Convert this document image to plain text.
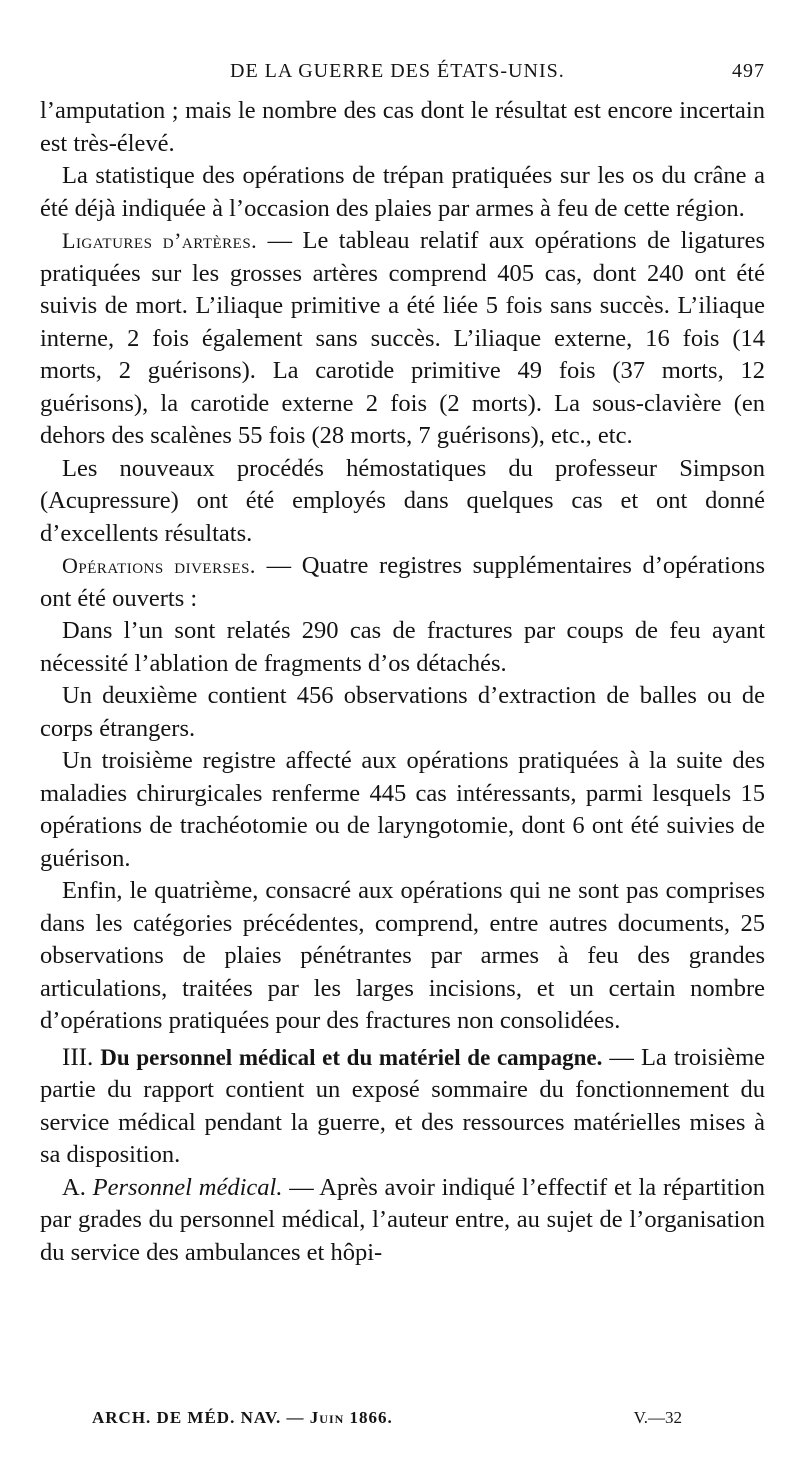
DE LA GUERRE DES ÉTATS-UNIS.	497

l’amputation ; mais le nombre des cas dont le résultat est encore incertain est très-élevé.

La statistique des opérations de trépan pratiquées sur les os du crâne a été déjà indiquée à l’occasion des plaies par armes à feu de cette région.

Ligatures d’artères. — Le tableau relatif aux opérations de ligatures pratiquées sur les grosses artères comprend 405 cas, dont 240 ont été suivis de mort. L’iliaque primitive a été liée 5 fois sans succès. L’iliaque interne, 2 fois également sans succès. L’iliaque externe, 16 fois (14 morts, 2 guérisons). La carotide primitive 49 fois (37 morts, 12 guérisons), la carotide externe 2 fois (2 morts). La sous-clavière (en dehors des scalènes 55 fois (28 morts, 7 guérisons), etc., etc.

Les nouveaux procédés hémostatiques du professeur Simpson (Acupressure) ont été employés dans quelques cas et ont donné d’excellents résultats.

Opérations diverses. — Quatre registres supplémentaires d’opérations ont été ouverts :

Dans l’un sont relatés 290 cas de fractures par coups de feu ayant nécessité l’ablation de fragments d’os détachés.

Un deuxième contient 456 observations d’extraction de balles ou de corps étrangers.

Un troisième registre affecté aux opérations pratiquées à la suite des maladies chirurgicales renferme 445 cas intéressants, parmi lesquels 15 opérations de trachéotomie ou de laryngotomie, dont 6 ont été suivies de guérison.

Enfin, le quatrième, consacré aux opérations qui ne sont pas comprises dans les catégories précédentes, comprend, entre autres documents, 25 observations de plaies pénétrantes par armes à feu des grandes articulations, traitées par les larges incisions, et un certain nombre d’opérations pratiquées pour des fractures non consolidées.

III. Du personnel médical et du matériel de campagne. — La troisième partie du rapport contient un exposé sommaire du fonctionnement du service médical pendant la guerre, et des ressources matérielles mises à sa disposition.

A. Personnel médical. — Après avoir indiqué l’effectif et la répartition par grades du personnel médical, l’auteur entre, au sujet de l’organisation du service des ambulances et hôpi-

ARCH. DE MÉD. NAV. — Juin 1866.	V.—32
